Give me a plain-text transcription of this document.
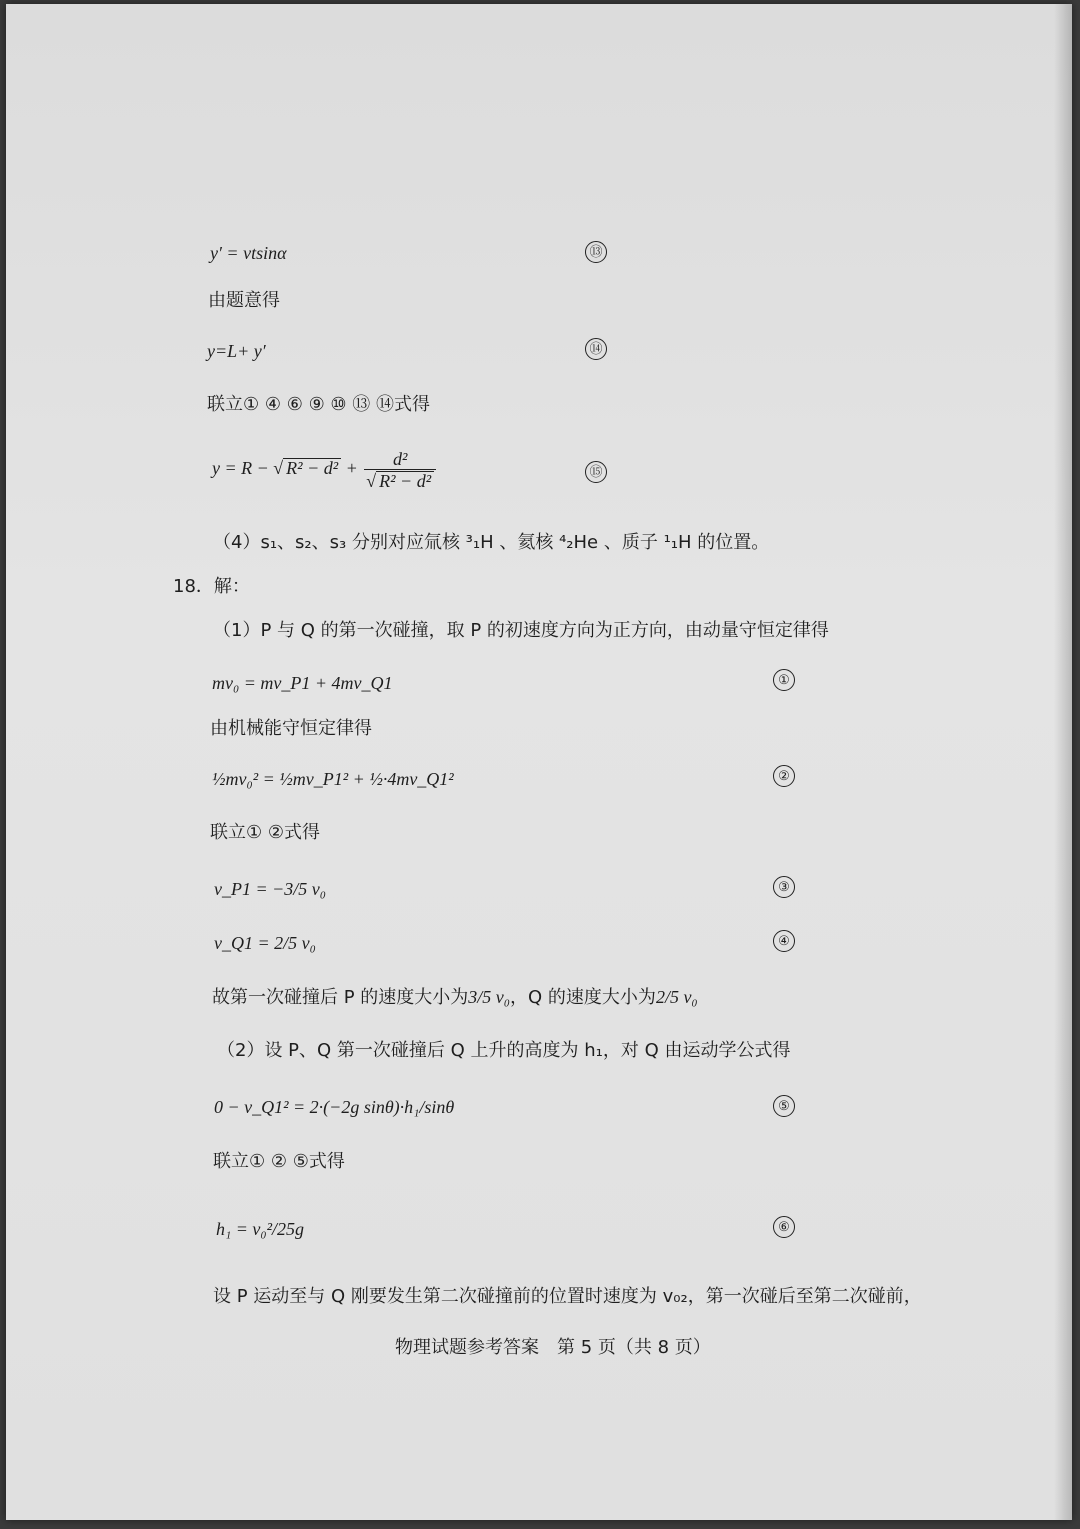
y′ = vtsinα	⑬
由题意得
y=L+ y′	⑭
联立① ④ ⑥ ⑨ ⑩ ⑬ ⑭式得
y = R − √ $R^2 - d^2 + \frac{\text{d²}}{\text{√ R² − d²}}$	⑮
（4）s₁、s₂、s₃ 分别对应氚核 ³₁H 、氦核 ⁴₂He 、质子 ¹₁H 的位置。
18．解：
（1）P 与 Q 的第一次碰撞，取 P 的初速度方向为正方向，由动量守恒定律得
mv₀ = mv_P1 + 4mv_Q1	①
由机械能守恒定律得
½mv₀² = ½mv_P1² + ½·4mv_Q1²	②
联立① ②式得
v_P1 = −3/5 v₀	③
v_Q1 = 2/5 v₀	④
故第一次碰撞后 P 的速度大小为3/5 v₀，Q 的速度大小为2/5 v₀
（2）设 P、Q 第一次碰撞后 Q 上升的高度为 h₁，对 Q 由运动学公式得
0 − v_Q1² = 2·(−2g sinθ)·h₁/sinθ	⑤
联立① ② ⑤式得
h₁ = v₀²/25g	⑥
设 P 运动至与 Q 刚要发生第二次碰撞前的位置时速度为 v₀₂，第一次碰后至第二次碰前，
物理试题参考答案　第 5 页（共 8 页）
